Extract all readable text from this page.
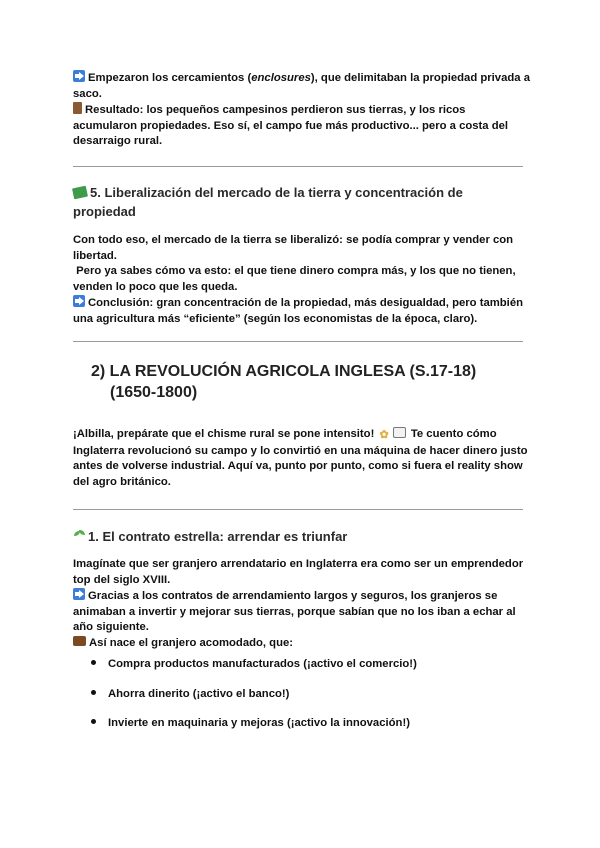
Empezaron los cercamientos (enclosures), que delimitaban la propiedad privada a
saco.
Resultado: los pequeños campesinos perdieron sus tierras, y los ricos
acumularon propiedades. Eso sí, el campo fue más productivo... pero a costa del
desarraigo rural.
5. Liberalización del mercado de la tierra y concentración de
propiedad
Con todo eso, el mercado de la tierra se liberalizó: se podía comprar y vender con
libertad.
Pero ya sabes cómo va esto: el que tiene dinero compra más, y los que no tienen,
venden lo poco que les queda.
Conclusión: gran concentración de la propiedad, más desigualdad, pero también
una agricultura más “eficiente” (según los economistas de la época, claro).
2) LA REVOLUCIÓN AGRICOLA INGLESA (S.17-18)
(1650-1800)
¡Albilla, prepárate que el chisme rural se pone intensito! ✿ Te cuento cómo
Inglaterra revolucionó su campo y lo convirtió en una máquina de hacer dinero justo
antes de volverse industrial. Aquí va, punto por punto, como si fuera el reality show
del agro británico.
1. El contrato estrella: arrendar es triunfar
Imagínate que ser granjero arrendatario en Inglaterra era como ser un emprendedor
top del siglo XVIII.
Gracias a los contratos de arrendamiento largos y seguros, los granjeros se
animaban a invertir y mejorar sus tierras, porque sabían que no los iban a echar al
año siguiente.
Así nace el granjero acomodado, que:
Compra productos manufacturados (¡activo el comercio!)
Ahorra dinerito (¡activo el banco!)
Invierte en maquinaria y mejoras (¡activo la innovación!)
